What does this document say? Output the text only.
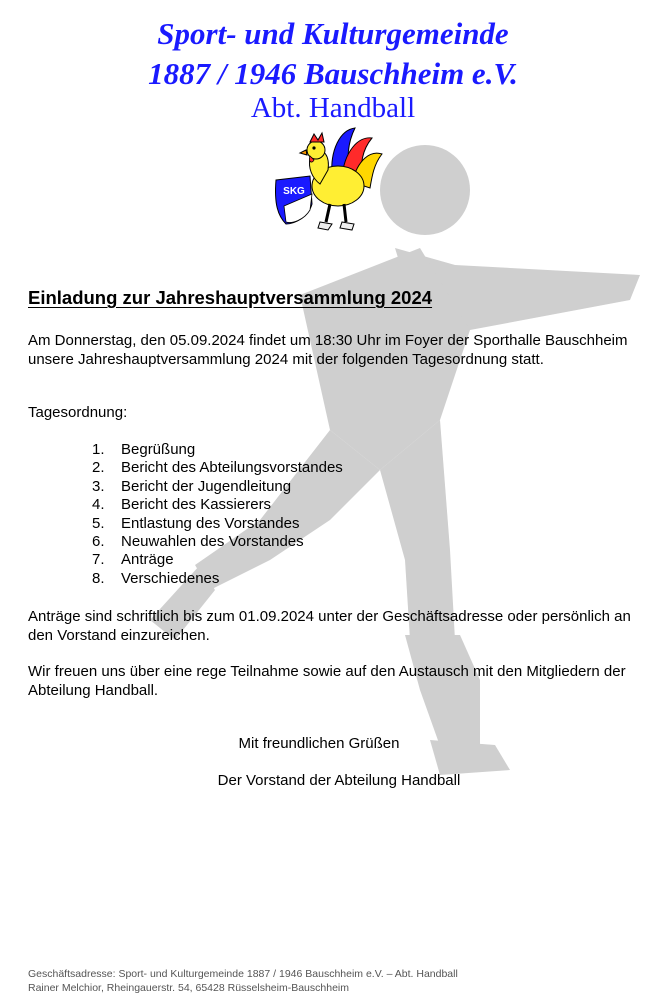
Sport- und Kulturgemeinde
1887 / 1946 Bauschheim e.V.
Abt. Handball
SKG
Einladung zur Jahreshauptversammlung 2024
Am Donnerstag, den 05.09.2024 findet um 18:30 Uhr im Foyer der Sporthalle Bauschheim unsere Jahreshauptversammlung 2024 mit der folgenden Tagesordnung statt.
Tagesordnung:
1. Begrüßung
2. Bericht des Abteilungsvorstandes
3. Bericht der Jugendleitung
4. Bericht des Kassierers
5. Entlastung des Vorstandes
6. Neuwahlen des Vorstandes
7. Anträge
8. Verschiedenes
Anträge sind schriftlich bis zum 01.09.2024 unter der Geschäftsadresse oder persönlich an den Vorstand einzureichen.
Wir freuen uns über eine rege Teilnahme sowie auf den Austausch mit den Mitgliedern der Abteilung Handball.
Mit freundlichen Grüßen
Der Vorstand der Abteilung Handball
Geschäftsadresse: Sport- und Kulturgemeinde 1887 / 1946 Bauschheim e.V. – Abt. Handball
Rainer Melchior, Rheingauerstr. 54, 65428 Rüsselsheim-Bauschheim
